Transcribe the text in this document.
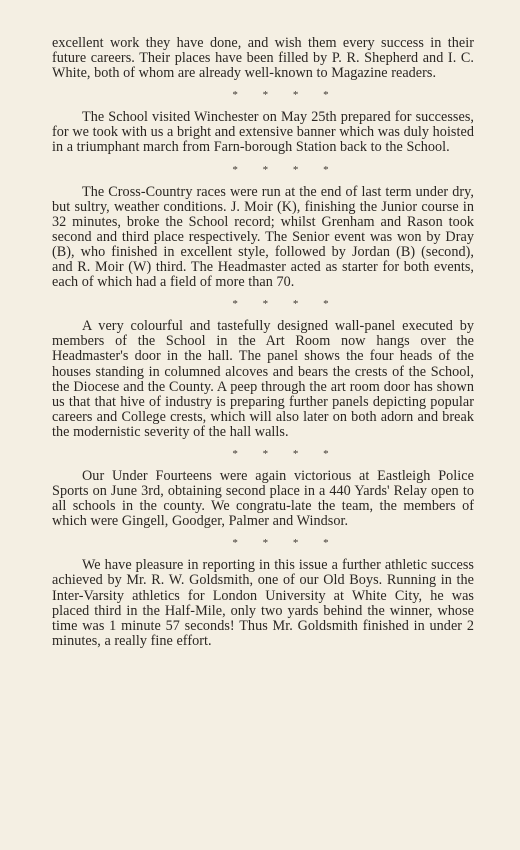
excellent work they have done, and wish them every success in their future careers. Their places have been filled by P. R. Shepherd and I. C. White, both of whom are already well-known to Magazine readers.

* * * *

The School visited Winchester on May 25th prepared for successes, for we took with us a bright and extensive banner which was duly hoisted in a triumphant march from Farn-borough Station back to the School.

* * * *

The Cross-Country races were run at the end of last term under dry, but sultry, weather conditions. J. Moir (K), finishing the Junior course in 32 minutes, broke the School record; whilst Grenham and Rason took second and third place respectively. The Senior event was won by Dray (B), who finished in excellent style, followed by Jordan (B) (second), and R. Moir (W) third. The Headmaster acted as starter for both events, each of which had a field of more than 70.

* * * *

A very colourful and tastefully designed wall-panel executed by members of the School in the Art Room now hangs over the Headmaster's door in the hall. The panel shows the four heads of the houses standing in columned alcoves and bears the crests of the School, the Diocese and the County. A peep through the art room door has shown us that that hive of industry is preparing further panels depicting popular careers and College crests, which will also later on both adorn and break the modernistic severity of the hall walls.

* * * *

Our Under Fourteens were again victorious at Eastleigh Police Sports on June 3rd, obtaining second place in a 440 Yards' Relay open to all schools in the county. We congratu-late the team, the members of which were Gingell, Goodger, Palmer and Windsor.

* * * *

We have pleasure in reporting in this issue a further athletic success achieved by Mr. R. W. Goldsmith, one of our Old Boys. Running in the Inter-Varsity athletics for London University at White City, he was placed third in the Half-Mile, only two yards behind the winner, whose time was 1 minute 57 seconds! Thus Mr. Goldsmith finished in under 2 minutes, a really fine effort.
